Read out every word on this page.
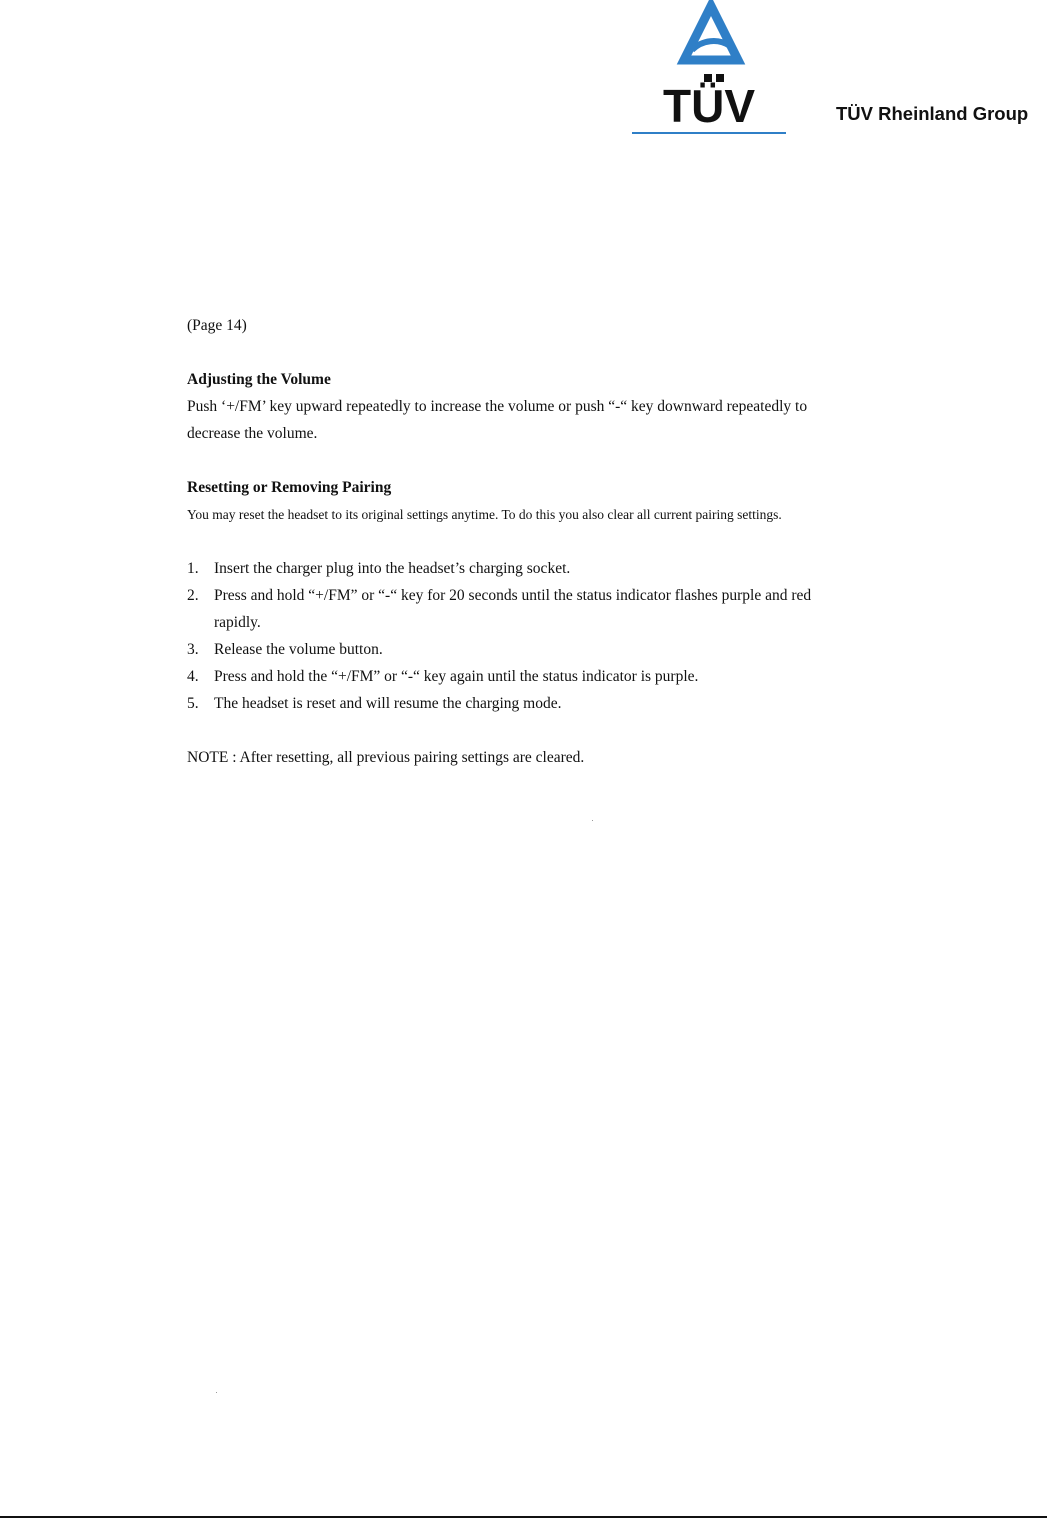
TÜV	TÜV Rheinland Group

(Page 14)

Adjusting the Volume

Push ‘+/FM’ key upward repeatedly to increase the volume or push “-“ key downward repeatedly to decrease the volume.

Resetting or Removing Pairing

You may reset the headset to its original settings anytime. To do this you also clear all current pairing settings.

1. Insert the charger plug into the headset’s charging socket.
2. Press and hold “+/FM” or “-“ key for 20 seconds until the status indicator flashes purple and red rapidly.
3. Release the volume button.
4. Press and hold the “+/FM” or “-“ key again until the status indicator is purple.
5. The headset is reset and will resume the charging mode.

NOTE : After resetting, all previous pairing settings are cleared.
